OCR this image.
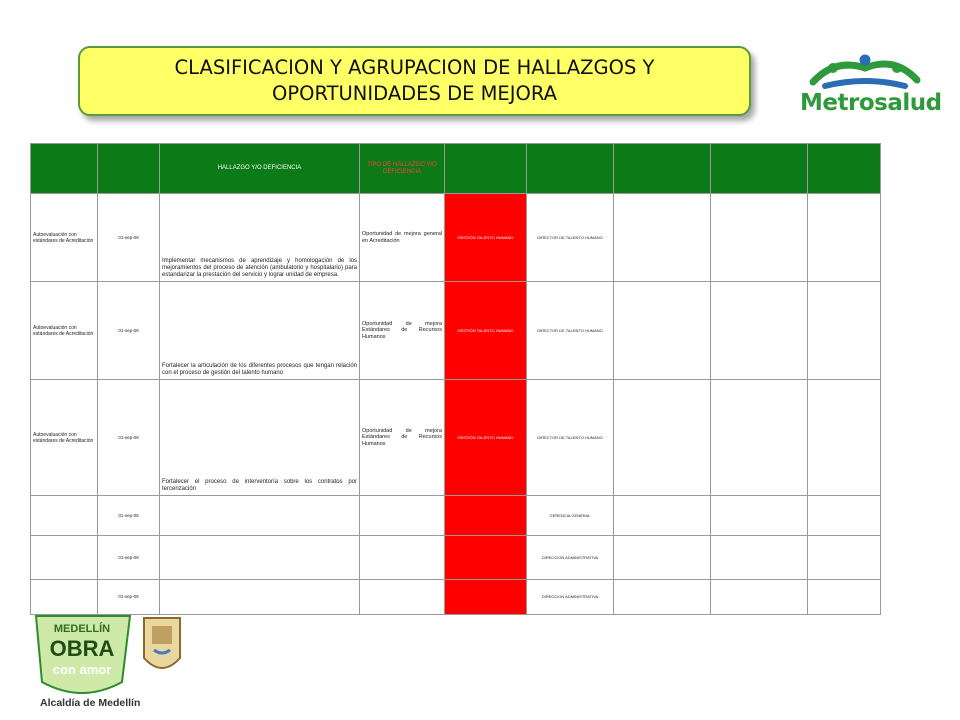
CLASIFICACION Y AGRUPACION DE HALLAZGOS Y OPORTUNIDADES DE MEJORA	Metrosalud
		HALLAZGO Y/O DEFICIENCIA	TIPO DE HALLAZGO Y/O DEFICIENCIA					
Autoevaluación con estándares de Acreditación	01-sep-09	Implementar mecanismos de aprendizaje y homologación de los mejoramientos del proceso de atención (ambulatorio y hospitalario) para estandarizar la prestación del servicio y lograr unidad de empresa.	Oportunidad de mejora general en Acreditación	GESTIÓN TALENTO HUMANO	DIRECTOR DE TALENTO HUMANO			
Autoevaluación con estándares de Acreditación	01-sep-09	Fortalecer la articulación de los diferentes procesos que tengan relación con el proceso de gestión del talento humano	Oportunidad de mejora Estándares de Recursos Humanos	GESTIÓN TALENTO HUMANO	DIRECTOR DE TALENTO HUMANO			
Autoevaluación con estándares de Acreditación	01-sep-09	Fortalecer el proceso de interventoría sobre los contratos por tercerización	Oportunidad de mejora Estándares de Recursos Humanos	GESTIÓN TALENTO HUMANO	DIRECTOR DE TALENTO HUMANO			
	01-sep-09				GERENCIA GENERAL			
	01-sep-09				DIRECCION ADMINISTRATIVA			
	01-sep-09				DIRECCION ADMINISTRATIVA			
MEDELLÍN
OBRA
con amor
Alcaldía de Medellín
